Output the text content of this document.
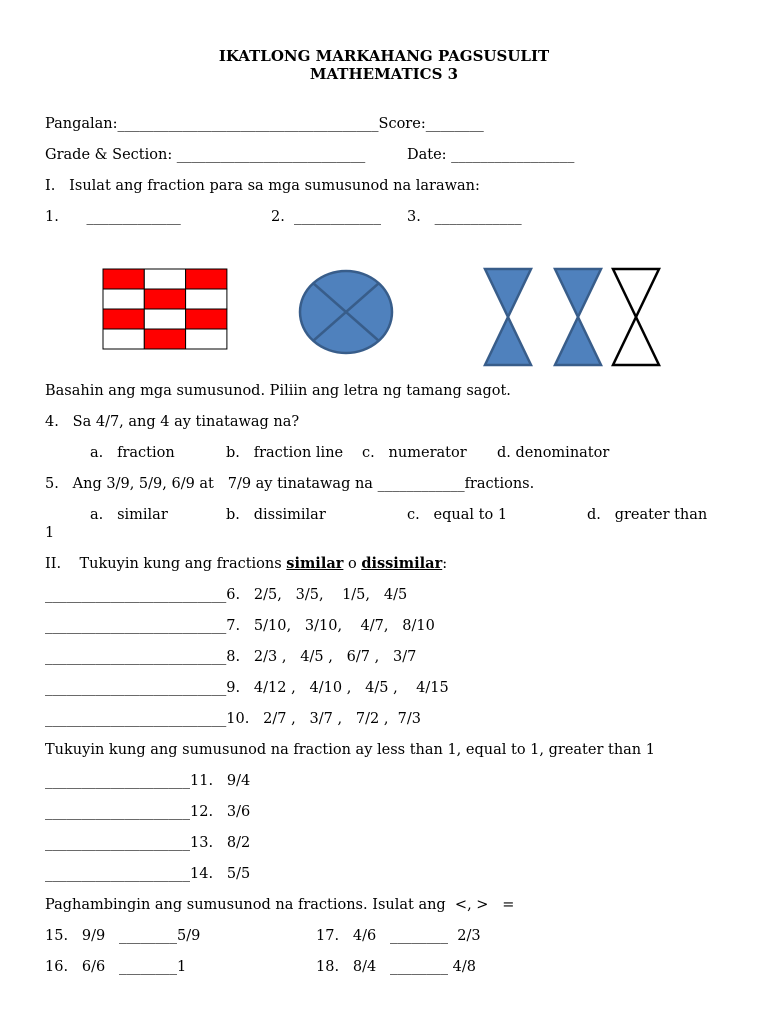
IKATLONG MARKAHANG PAGSUSULIT
MATHEMATICS 3
Pangalan:____________________________________Score:________
Grade & Section: __________________________	Date: _________________
I.   Isulat ang fraction para sa mga sumusunod na larawan:
1.      _____________	2.  ____________ 3.   ____________
Basahin ang mga sumusunod. Piliin ang letra ng tamang sagot.
4.   Sa 4/7, ang 4 ay tinatawag na?
a.   fraction	b.   fraction line c.   numerator d. denominator
5.   Ang 3/9, 5/9, 6/9 at   7/9 ay tinatawag na ____________fractions.
a.   similar	b.   dissimilar	c.   equal to 1	d.   greater than
1
II.    Tukuyin kung ang fractions similar o dissimilar:
_________________________6.   2/5,   3/5,    1/5,   4/5
_________________________7.   5/10,   3/10,    4/7,   8/10
_________________________8.   2/3 ,   4/5 ,   6/7 ,   3/7
_________________________9.   4/12 ,   4/10 ,   4/5 ,    4/15
_________________________10.   2/7 ,   3/7 ,   7/2 ,  7/3
Tukuyin kung ang sumusunod na fraction ay less than 1, equal to 1, greater than 1
____________________11.   9/4
____________________12.   3/6
____________________13.   8/2
____________________14.   5/5
Paghambingin ang sumusunod na fractions. Isulat ang  <, >   =
15.   9/9   ________5/9	17.   4/6   ________  2/3
16.   6/6   ________1	18.   8/4   ________ 4/8
